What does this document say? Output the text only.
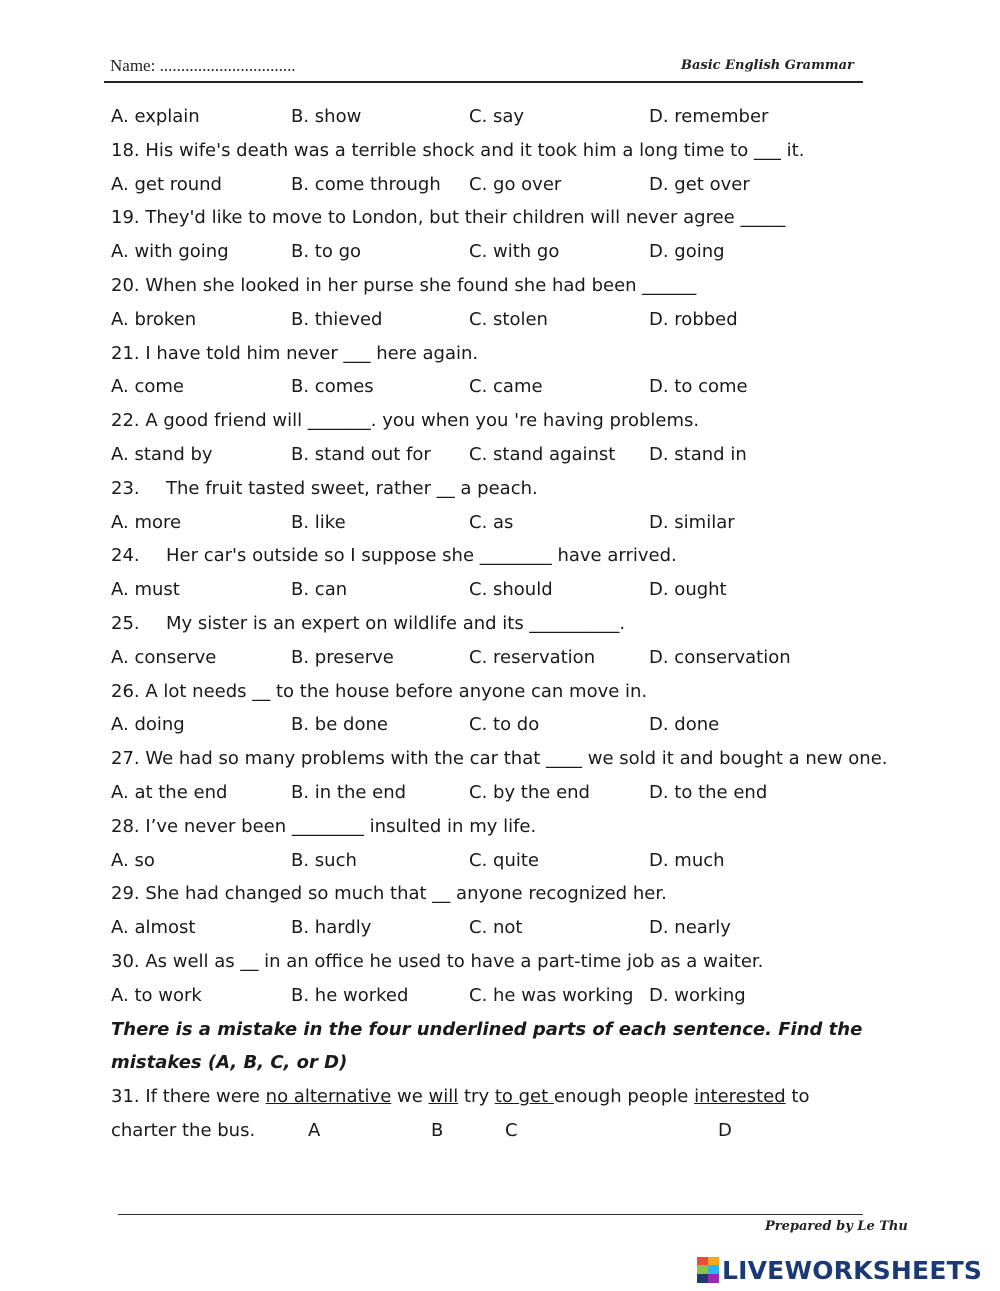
Name: ................................	Basic English Grammar
A. explain	B. show	C. say	D. remember
18. His wife's death was a terrible shock and it took him a long time to ___ it.
A. get round	B. come through C. go over	D. get over
19. They'd like to move to London, but their children will never agree _____
A. with going	B. to go	C. with go	D. going
20. When she looked in her purse she found she had been ______
A. broken	B. thieved	C. stolen	D. robbed
21. I have told him never ___ here again.
A. come	B. comes	C. came	D. to come
22. A good friend will _______. you when you 're having problems.
A. stand by	B. stand out for C. stand against D. stand in
23. The fruit tasted sweet, rather __ a peach.
A. more	B. like	C. as	D. similar
24. Her car's outside so I suppose she ________ have arrived.
A. must	B. can	C. should	D. ought
25. My sister is an expert on wildlife and its __________.
A. conserve	B. preserve	C. reservation	D. conservation
26. A lot needs __ to the house before anyone can move in.
A. doing	B. be done	C. to do	D. done
27. We had so many problems with the car that ____ we sold it and bought a new one.
A. at the end	B. in the end	C. by the end	D. to the end
28. I’ve never been ________ insulted in my life.
A. so	B. such	C. quite	D. much
29. She had changed so much that __ anyone recognized her.
A. almost	B. hardly	C. not	D. nearly
30. As well as __ in an office he used to have a part-time job as a waiter.
A. to work	B. he worked	C. he was working D. working
There is a mistake in the four underlined parts of each sentence. Find the mistakes (A, B, C, or D)
31. If there were no alternative we will try to get enough people interested to
charter the bus.	A	B	C	D
Prepared by Le Thu
LIVEWORKSHEETS
